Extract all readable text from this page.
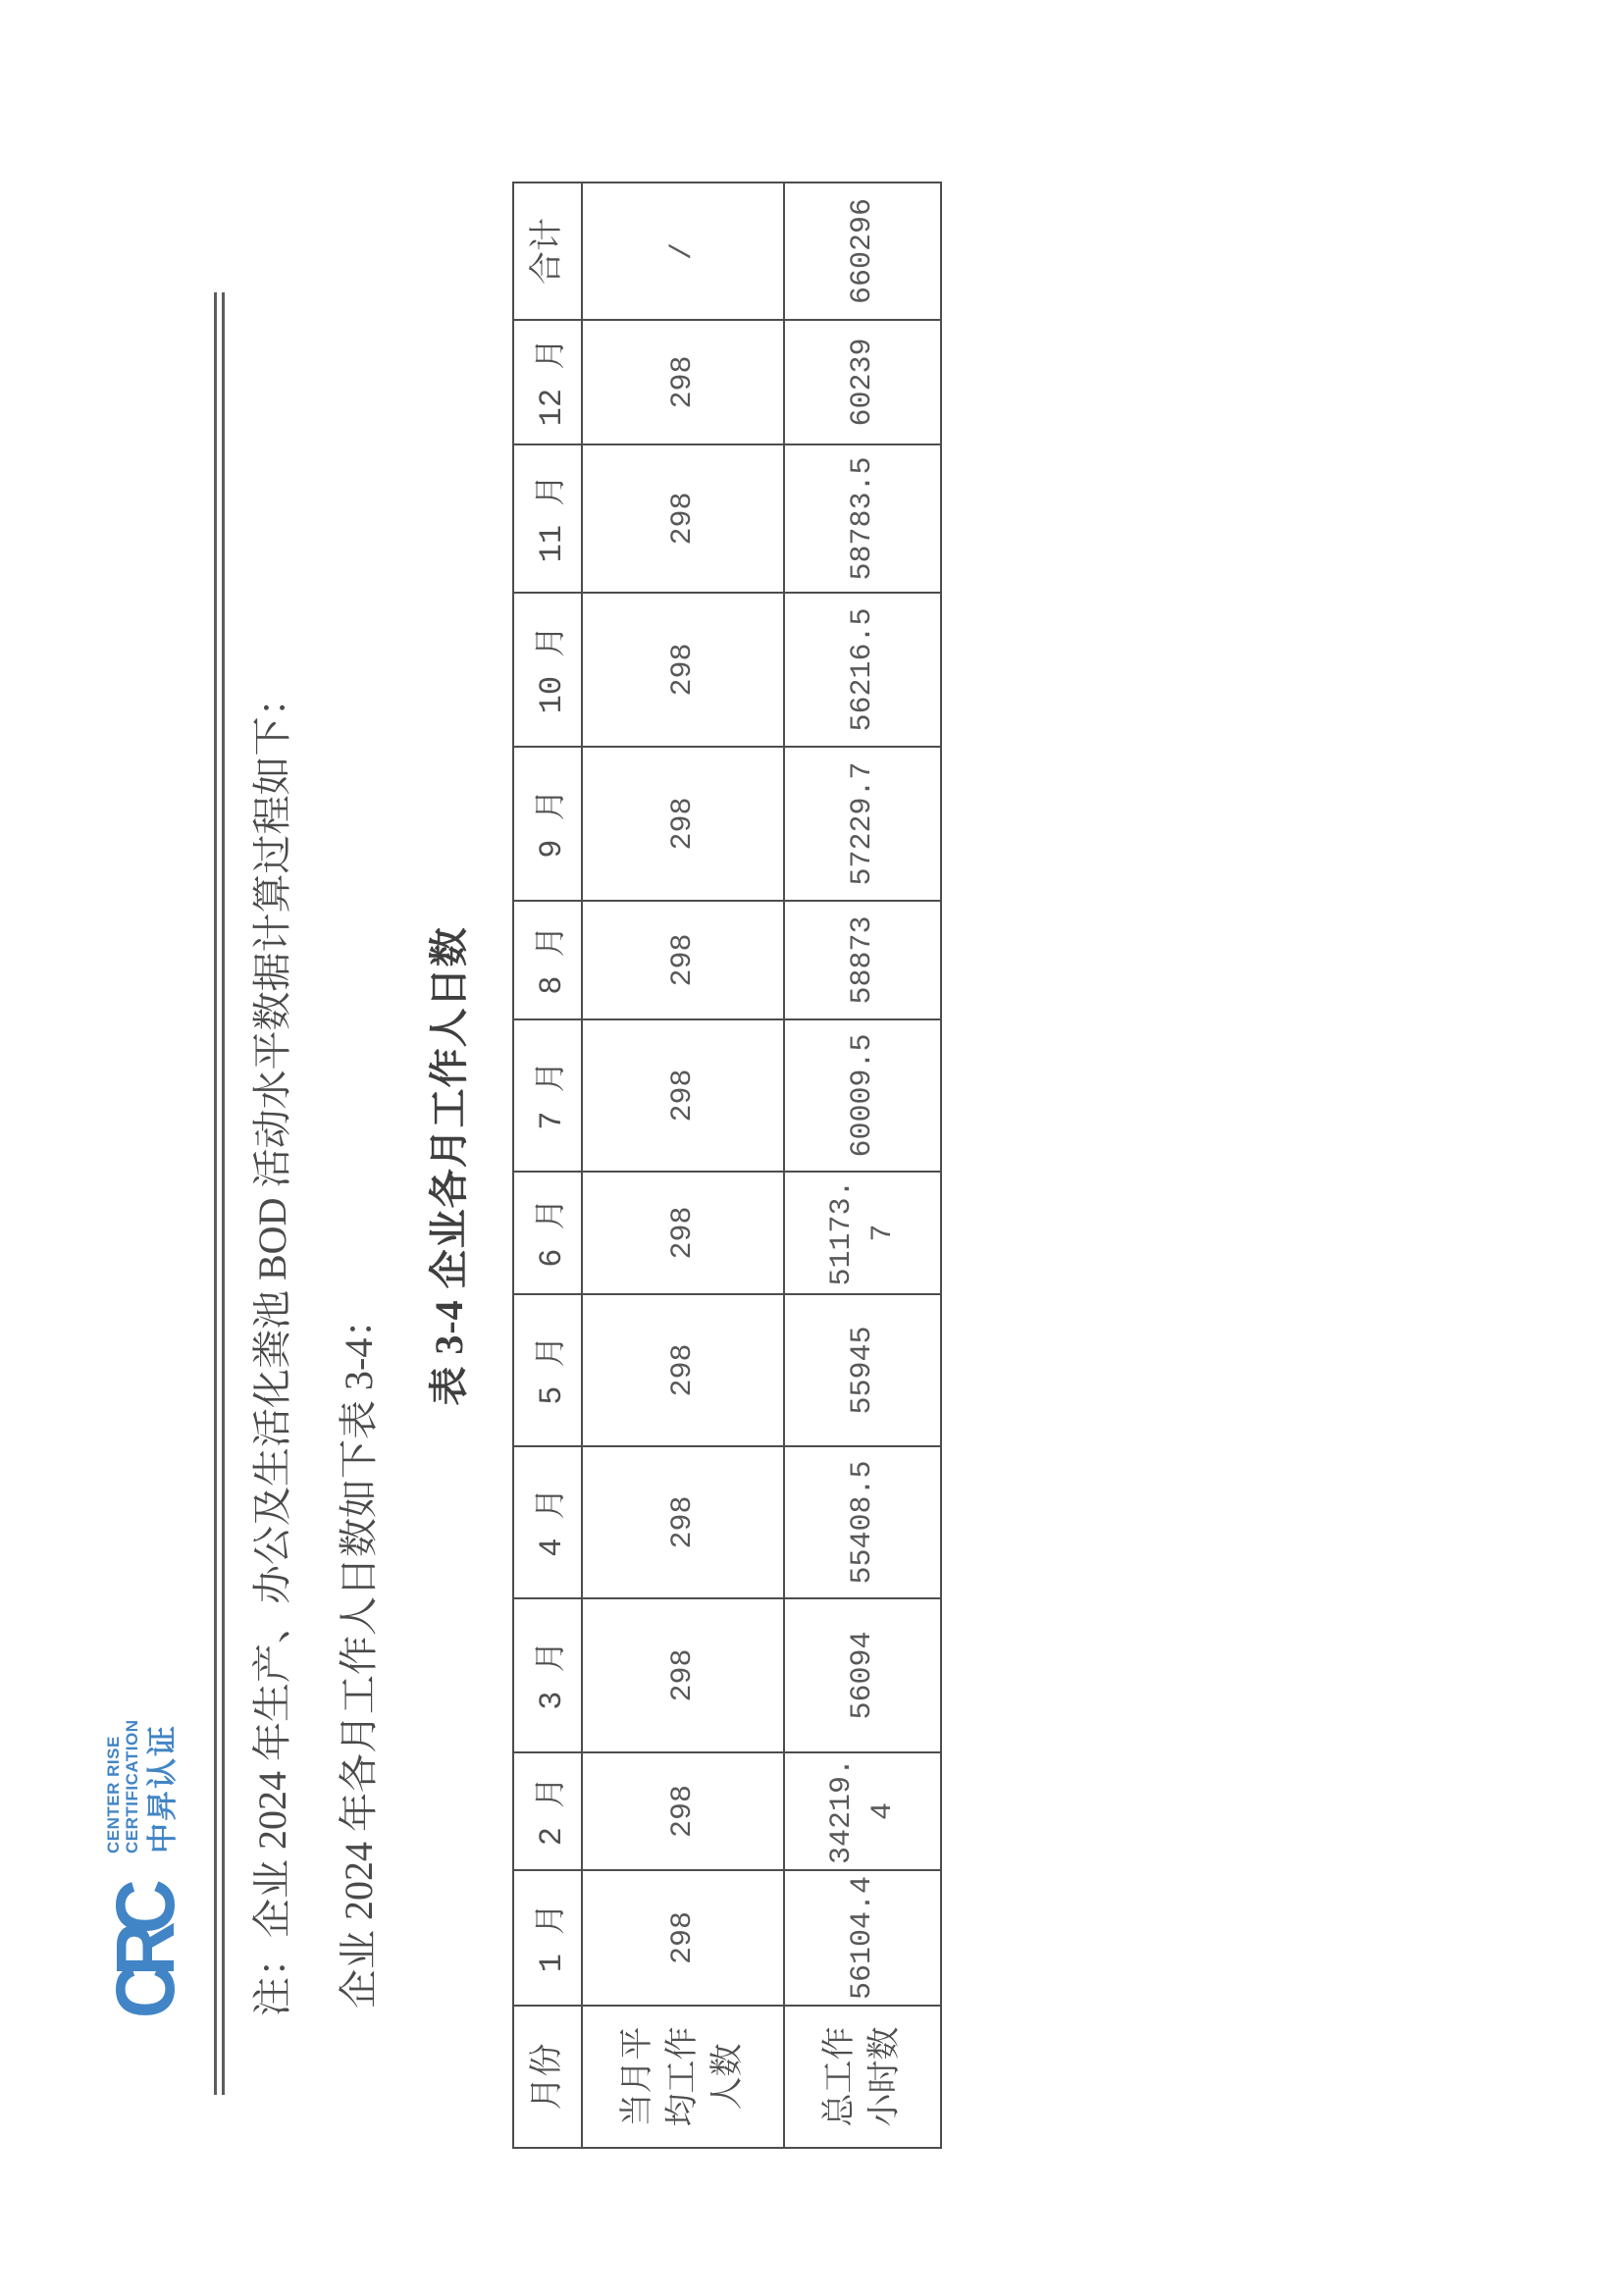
CRC
CENTER RISE CERTIFICATION 中昇认证 注：企业 2024 年生产、办公及生活化粪池 BOD 活动水平数据计算过程如下： 企业 2024 年各月工作人日数如下表 3-4：
表 3-4 企业各月工作人日数
月份	1 月	2 月	3 月	4 月	5 月	6 月	7 月	8 月	9 月	10 月	11 月	12 月	合计
当月平均工作人数	298	298	298	298	298	298	298	298	298	298	298	298	/
总工作小时数	56104.4	34219.4	56094	55408.5	55945	51173.7	60009.5	58873	57229.7	56216.5	58783.5	60239	660296
